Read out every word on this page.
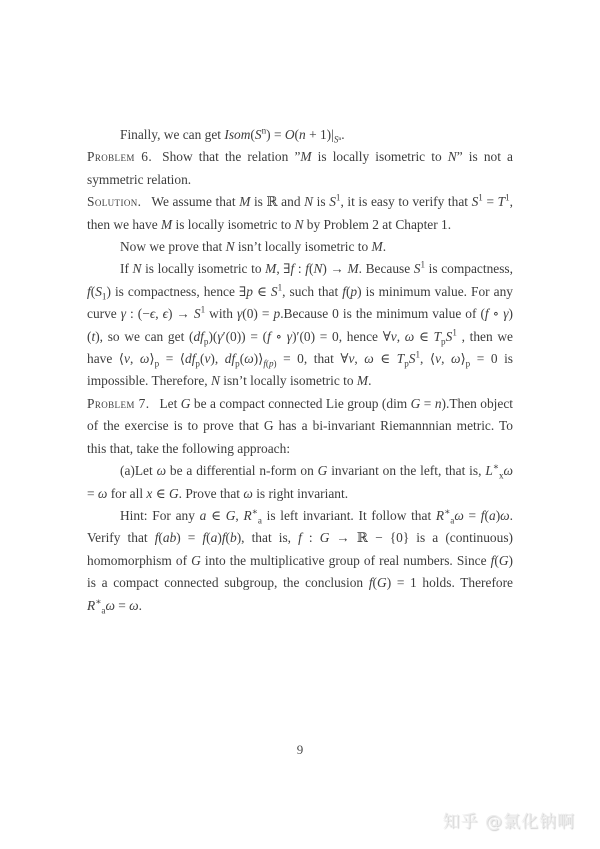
Finally, we can get $Isom(S^n) = O(n + 1)|_{S^n}$.

Problem 6. Show that the relation ”M is locally isometric to N” is not a symmetric relation.

Solution. We assume that M is ℝ and N is $S^1$, it is easy to verify that $S^1 = T^1$, then we have M is locally isometric to N by Problem 2 at Chapter 1.

Now we prove that N isn’t locally isometric to M.

If N is locally isometric to M, ∃f : f(N) → M. Because $S^1$ is compactness, $f(S_1)$ is compactness, hence ∃p ∈ $S^1$, such that f(p) is minimum value. For any curve γ : (−ϵ, $\epsilon) \to S^1$ with γ(0) = p.Because 0 is the minimum value of (f ∘ γ)(t), so we can get $(df_p)(\gamma'(0)) = (f$ ∘ γ)′(0) = 0, hence ∀v, ω ∈ $T_pS^1$ , then we have ⟨v, $\omega⟩_p$ = $⟨df_p(v)$, $df_p(\omega)⟩_{f(p)} = 0$, that ∀v, ω ∈ $T_pS^1$, ⟨v, $\omega⟩_p = 0$ is impossible. Therefore, N isn’t locally isometric to M.

Problem 7. Let G be a compact connected Lie group (dim G = n).Then object of the exercise is to prove that G has a bi-invariant Riemannnian metric. To this that, take the following approach:

(a)Let ω be a differential n-form on G invariant on the left, that is, $L^∗_x\omega = \omega$ for all x ∈ G. Prove that ω is right invariant.

Hint: For any a ∈ G, $R^∗_a$ is left invariant. It follow that $R^∗_a\omega = f(a)\omega$. Verify that f(ab) = f(a)f(b), that is, f : G → ℝ − {0} is a (continuous) homomorphism of G into the multiplicative group of real numbers. Since f(G) is a compact connected subgroup, the conclusion f(G) = 1 holds. Therefore $R^∗_a\omega = \omega$.

9
知乎 @氯化钠啊
